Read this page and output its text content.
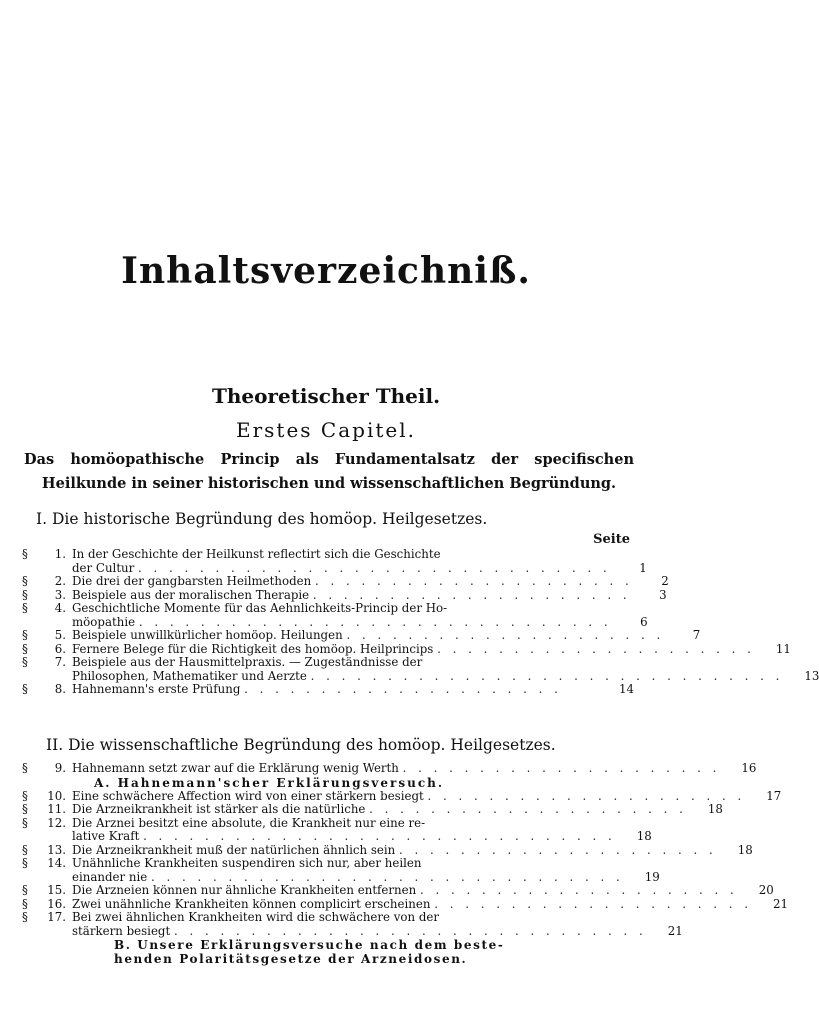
Inhaltsverzeichniß.
Theoretischer Theil.
Erstes Capitel.
Das homöopathische Princip als Fundamentalsatz der specifischen Heilkunde in seiner historischen und wissenschaftlichen Begründung.
I. Die historische Begründung des homöop. Heilgesetzes.
Seite
§	1. In der Geschichte der Heilkunst reflectirt sich die Geschichte
der Cultur . . . . . . . . . . . . . . . . . . . . . . . . . . . . . . .	1
§	2. Die drei der gangbarsten Heilmethoden . . . . . . . . . . . . . . . . . . . . .	2
§	3. Beispiele aus der moralischen Therapie . . . . . . . . . . . . . . . . . . . . .	3
§	4. Geschichtliche Momente für das Aehnlichkeits-Princip der Ho-
möopathie . . . . . . . . . . . . . . . . . . . . . . . . . . . . . . .	6
§	5. Beispiele unwillkürlicher homöop. Heilungen . . . . . . . . . . . . . . . . . . . . .	7
§	6. Fernere Belege für die Richtigkeit des homöop. Heilprincips . . . . . . . . . . . . . . . . . . . . .	11
§	7. Beispiele aus der Hausmittelpraxis. — Zugeständnisse der
Philosophen, Mathematiker und Aerzte . . . . . . . . . . . . . . . . . . . . . . . . . . . . . . .	13
§	8. Hahnemann's erste Prüfung . . . . . . . . . . . . . . . . . . . . .	14
II. Die wissenschaftliche Begründung des homöop. Heilgesetzes.
§	9. Hahnemann setzt zwar auf die Erklärung wenig Werth . . . . . . . . . . . . . . . . . . . . .	16
A. Hahnemann'scher Erklärungsversuch.
§	10. Eine schwächere Affection wird von einer stärkern besiegt . . . . . . . . . . . . . . . . . . . . .	17
§	11. Die Arzneikrankheit ist stärker als die natürliche . . . . . . . . . . . . . . . . . . . . .	18
§	12. Die Arznei besitzt eine absolute, die Krankheit nur eine re-
lative Kraft . . . . . . . . . . . . . . . . . . . . . . . . . . . . . . .	18
§	13. Die Arzneikrankheit muß der natürlichen ähnlich sein . . . . . . . . . . . . . . . . . . . . .	18
§	14. Unähnliche Krankheiten suspendiren sich nur, aber heilen
einander nie . . . . . . . . . . . . . . . . . . . . . . . . . . . . . . .	19
§	15. Die Arzneien können nur ähnliche Krankheiten entfernen . . . . . . . . . . . . . . . . . . . . .	20
§	16. Zwei unähnliche Krankheiten können complicirt erscheinen . . . . . . . . . . . . . . . . . . . . .	21
§	17. Bei zwei ähnlichen Krankheiten wird die schwächere von der
stärkern besiegt . . . . . . . . . . . . . . . . . . . . . . . . . . . . . . .	21
B. Unsere Erklärungsversuche nach dem beste-
henden Polaritätsgesetze der Arzneidosen.
